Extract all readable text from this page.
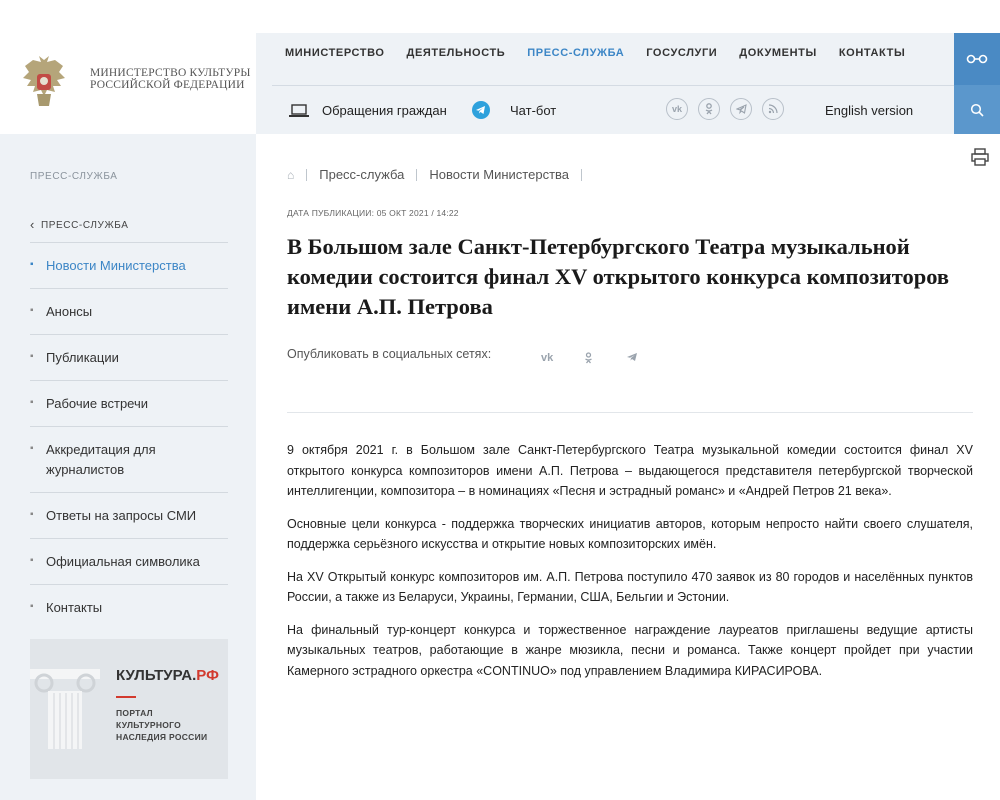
МИНИСТЕРСТВО КУЛЬТУРЫ
РОССИЙСКОЙ ФЕДЕРАЦИИ
МИНИСТЕРСТВО ДЕЯТЕЛЬНОСТЬ ПРЕСС-СЛУЖБА ГОСУСЛУГИ ДОКУМЕНТЫ КОНТАКТЫ
Обращения граждан	Чат-бот	vk	English version
ПРЕСС-СЛУЖБА
‹ ПРЕСС-СЛУЖБА
▪ Новости Министерства
▪ Анонсы
▪ Публикации
▪ Рабочие встречи
▪ Аккредитация для журналистов
▪ Ответы на запросы СМИ
▪ Официальная символика
▪ Контакты
КУЛЬТУРА.РФ
ПОРТАЛ
КУЛЬТУРНОГО
НАСЛЕДИЯ РОССИИ
⌂ Пресс-служба Новости Министерства
ДАТА ПУБЛИКАЦИИ: 05 ОКТ 2021 / 14:22
В Большом зале Санкт-Петербургского Театра музыкальной комедии состоится финал XV открытого конкурса композиторов имени А.П. Петрова
Опубликовать в социальных сетях:	vk

9 октября 2021 г. в Большом зале Санкт-Петербургского Театра музыкальной комедии состоится финал XV открытого конкурса композиторов имени А.П. Петрова – выдающегося представителя петербургской творческой интеллигенции, композитора – в номинациях «Песня и эстрадный романс» и «Андрей Петров 21 века».

Основные цели конкурса - поддержка творческих инициатив авторов, которым непросто найти своего слушателя, поддержка серьёзного искусства и открытие новых композиторских имён.

На XV Открытый конкурс композиторов им. А.П. Петрова поступило 470 заявок из 80 городов и населённых пунктов России, а также из Беларуси, Украины, Германии, США, Бельгии и Эстонии.

На финальный тур-концерт конкурса и торжественное награждение лауреатов приглашены ведущие артисты музыкальных театров, работающие в жанре мюзикла, песни и романса. Также концерт пройдет при участии Камерного эстрадного оркестра «CONTINUO» под управлением Владимира КИРАСИРОВА.
